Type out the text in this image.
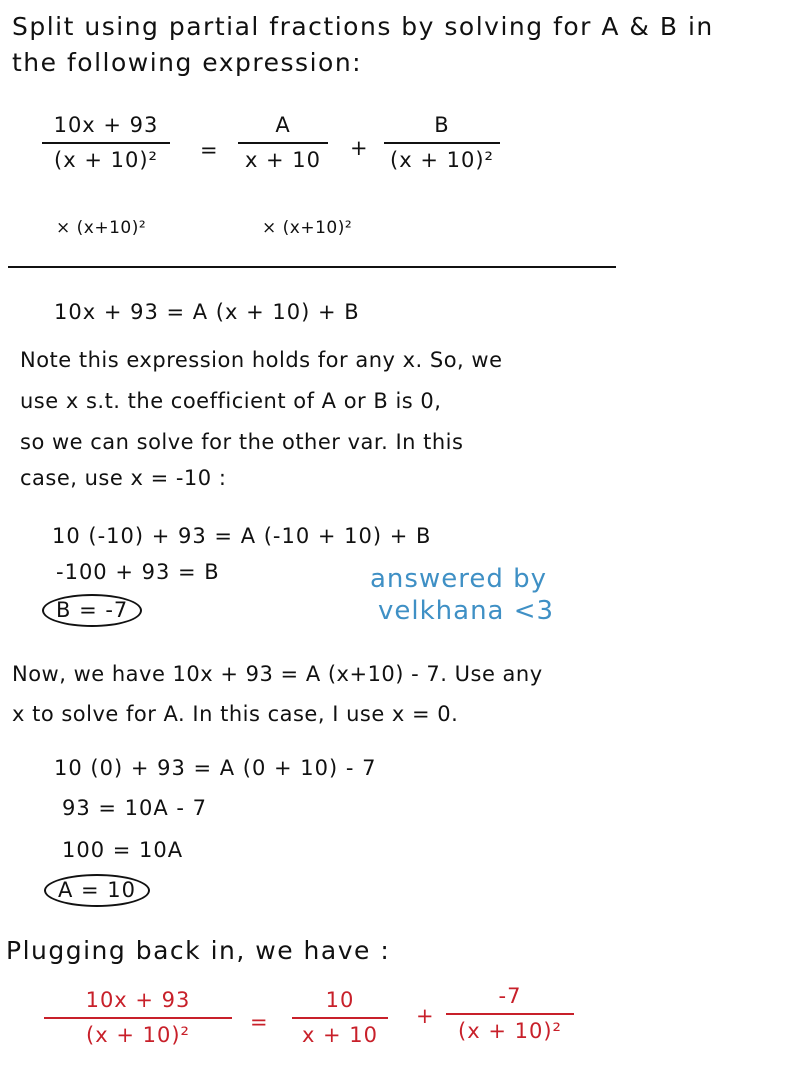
Split using partial fractions by solving for A & B in
the following expression:
10x + 93
(x + 10)²	=
A
x + 10	+
B
(x + 10)²
× (x+10)²	× (x+10)²
10x + 93 = A (x + 10) + B
Note this expression holds for any x. So, we
use x s.t. the coefficient of A or B is 0,
so we can solve for the other var. In this
case, use x = -10 :
10 (-10) + 93 = A (-10 + 10) + B
-100 + 93 = B
B = -7
answered by
velkhana <3
Now, we have 10x + 93 = A (x+10) - 7. Use any
x to solve for A. In this case, I use x = 0.
10 (0) + 93 = A (0 + 10) - 7
93 = 10A - 7
100 = 10A
A = 10
Plugging back in, we have :
10x + 93
(x + 10)²
=
10
x + 10
+
-7
(x + 10)²
